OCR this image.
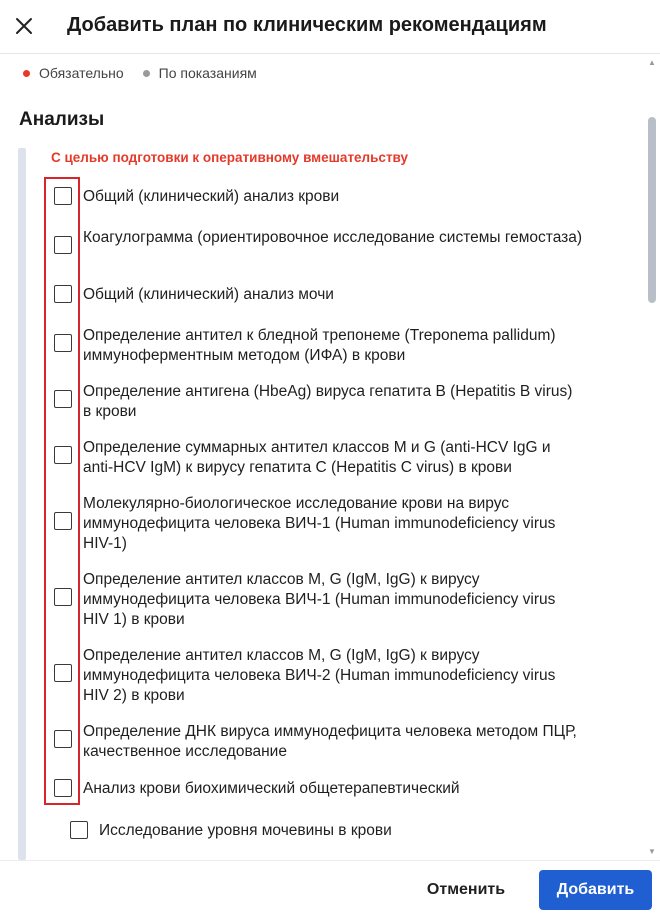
Добавить план по клиническим рекомендациям
Обязательно	По показаниям
Анализы
С целью подготовки к оперативному вмешательству
Общий (клинический) анализ крови
Коагулограмма (ориентировочное исследование системы гемостаза)
Общий (клинический) анализ мочи
Определение антител к бледной трепонеме (Treponema pallidum) иммуноферментным методом (ИФА) в крови
Определение антигена (HbeAg) вируса гепатита B (Hepatitis B virus) в крови
Определение суммарных антител классов M и G (anti-HCV IgG и anti-HCV IgM) к вирусу гепатита C (Hepatitis C virus) в крови
Молекулярно-биологическое исследование крови на вирус иммунодефицита человека ВИЧ-1 (Human immunodeficiency virus HIV-1)
Определение антител классов M, G (IgM, IgG) к вирусу иммунодефицита человека ВИЧ-1 (Human immunodeficiency virus HIV 1) в крови
Определение антител классов M, G (IgM, IgG) к вирусу иммунодефицита человека ВИЧ-2 (Human immunodeficiency virus HIV 2) в крови
Определение ДНК вируса иммунодефицита человека методом ПЦР, качественное исследование
Анализ крови биохимический общетерапевтический
Исследование уровня мочевины в крови
▲
▼
Отменить	Добавить
